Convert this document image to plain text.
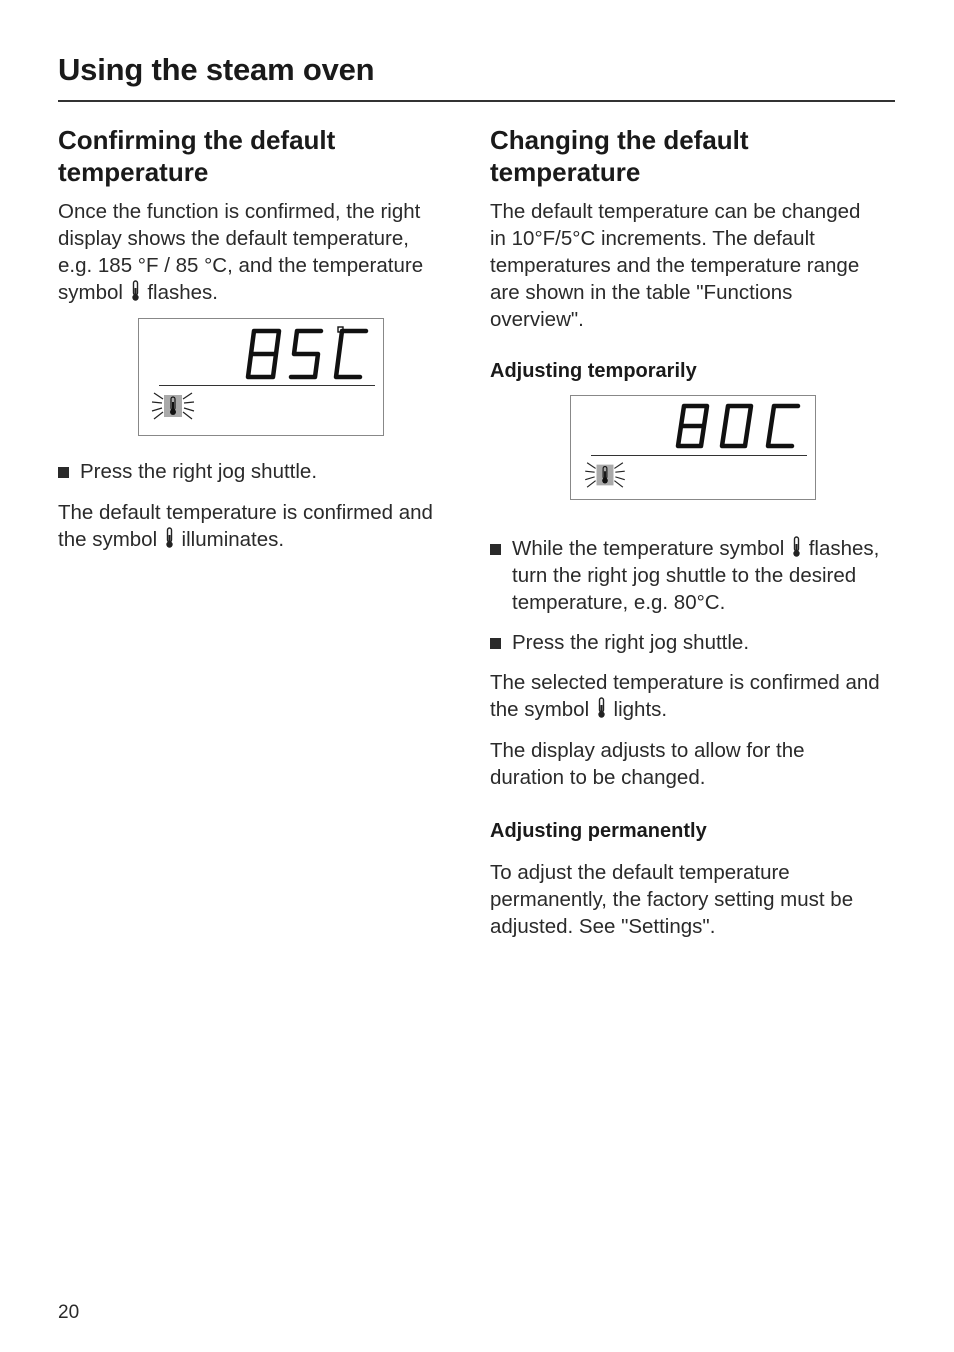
Using the steam oven
Confirming the default temperature

Once the function is confirmed, the right display shows the default temperature, e.g. 185 °F / 85 °C, and the temperature symbol flashes.

Press the right jog shuttle.

The default temperature is confirmed and the symbol illuminates.

Changing the default temperature

The default temperature can be changed in 10°F/5°C increments. The default temperatures and the temperature range are shown in the table "Functions overview".

Adjusting temporarily
While the temperature symbol flashes, turn the right jog shuttle to the desired temperature, e.g. 80°C.
Press the right jog shuttle.

The selected temperature is confirmed and the symbol lights.

The display adjusts to allow for the duration to be changed.

Adjusting permanently

To adjust the default temperature permanently, the factory setting must be adjusted. See "Settings".

20
